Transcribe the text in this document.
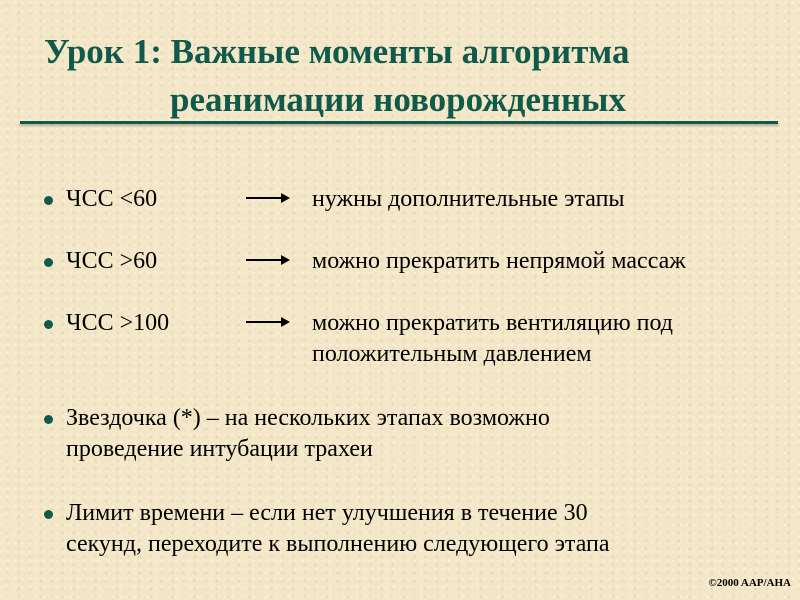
Урок 1: Важные моменты алгоритма
реанимации новорожденных
ЧСС <60	нужны дополнительные этапы
ЧСС >60	можно прекратить непрямой массаж
ЧСС >100	можно прекратить вентиляцию под
положительным давлением
Звездочка (*) – на нескольких этапах возможно
проведение интубации трахеи
Лимит времени – если нет улучшения в течение 30
секунд, переходите к выполнению следующего этапа
©2000 AAP/AHA
